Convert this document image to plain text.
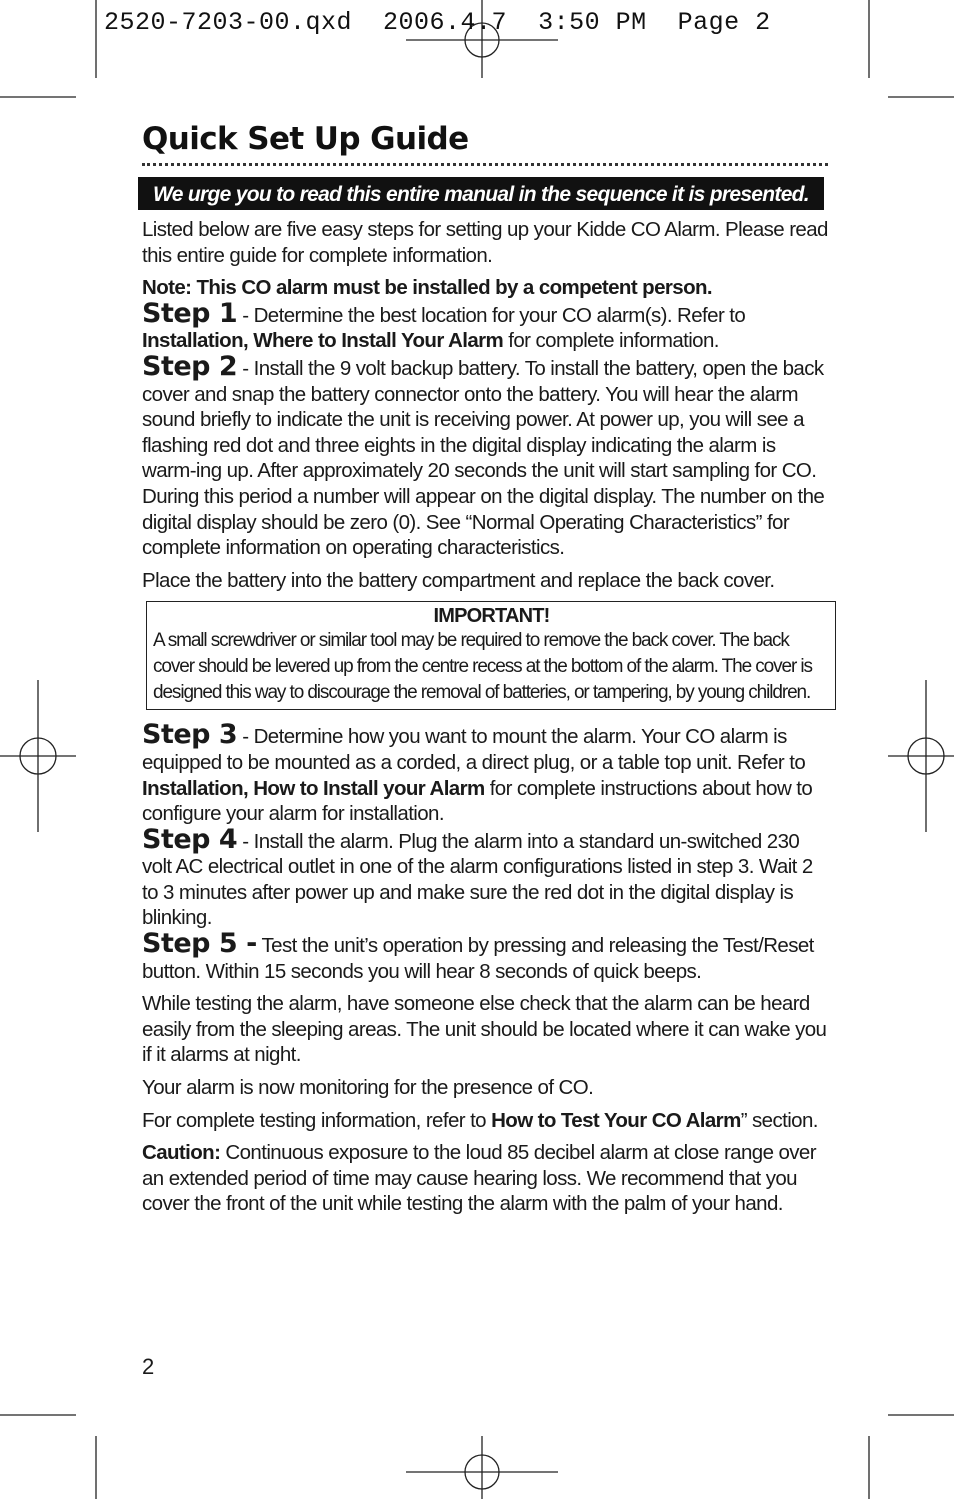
2520-7203-00.qxd  2006.4.7  3:50 PM  Page 2
Quick Set Up Guide
We urge you to read this entire manual in the sequence it is presented.

Listed below are five easy steps for setting up your Kidde CO Alarm. Please read this entire guide for complete information.

Note: This CO alarm must be installed by a competent person.

Step 1 - Determine the best location for your CO alarm(s). Refer to Installation, Where to Install Your Alarm for complete information.

Step 2 - Install the 9 volt backup battery. To install the battery, open the back cover and snap the battery connector onto the battery. You will hear the alarm sound briefly to indicate the unit is receiving power. At power up, you will see a flashing red dot and three eights in the digital display indicating the alarm is warm-ing up. After approximately 20 seconds the unit will start sampling for CO. During this period a number will appear on the digital display. The number on the digital display should be zero (0). See “Normal Operating Characteristics” for complete information on operating characteristics.

Place the battery into the battery compartment and replace the back cover.

IMPORTANT!

A small screwdriver or similar tool may be required to remove the back cover. The back cover should be levered up from the centre recess at the bottom of the alarm. The cover is designed this way to discourage the removal of batteries, or tampering, by young children.

Step 3 - Determine how you want to mount the alarm. Your CO alarm is equipped to be mounted as a corded, a direct plug, or a table top unit. Refer to Installation, How to Install your Alarm for complete instructions about how to configure your alarm for installation.

Step 4 - Install the alarm. Plug the alarm into a standard un-switched 230 volt AC electrical outlet in one of the alarm configurations listed in step 3. Wait 2 to 3 minutes after power up and make sure the red dot in the digital display is blinking.

Step 5 - Test the unit’s operation by pressing and releasing the Test/Reset button. Within 15 seconds you will hear 8 seconds of quick beeps.

While testing the alarm, have someone else check that the alarm can be heard easily from the sleeping areas. The unit should be located where it can wake you if it alarms at night.

Your alarm is now monitoring for the presence of CO.

For complete testing information, refer to How to Test Your CO Alarm” section.

Caution: Continuous exposure to the loud 85 decibel alarm at close range over an extended period of time may cause hearing loss. We recommend that you cover the front of the unit while testing the alarm with the palm of your hand.

2
